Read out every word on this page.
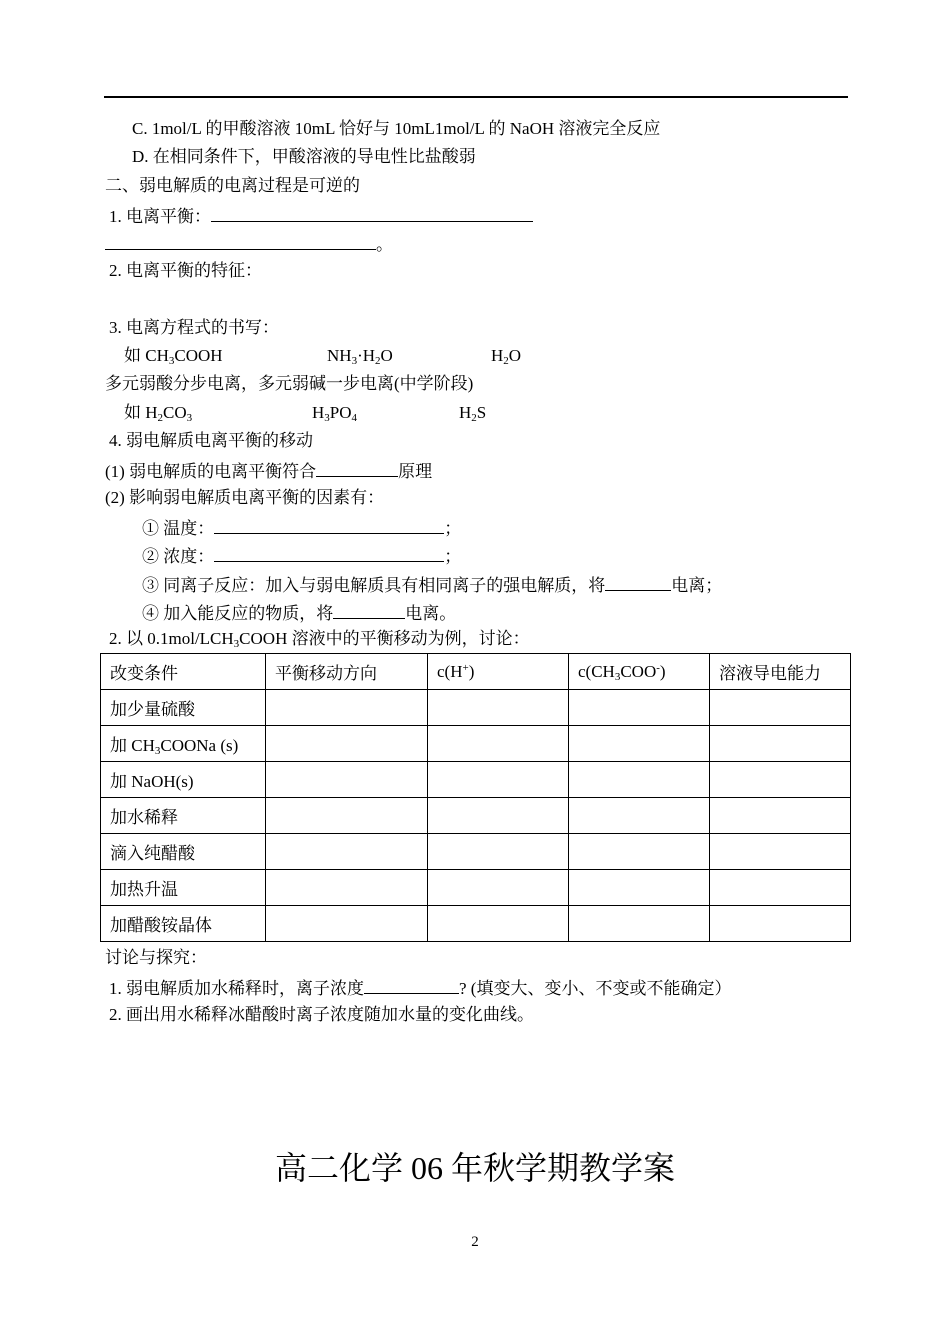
C. 1mol/L 的甲酸溶液 10mL 恰好与 10mL1mol/L 的 NaOH 溶液完全反应
D. 在相同条件下，甲酸溶液的导电性比盐酸弱
二、弱电解质的电离过程是可逆的
1. 电离平衡：
。
2. 电离平衡的特征：
3. 电离方程式的书写：
如 $CH_3COOH$	$NH_3\cdot H_2O$	$H_2O$
多元弱酸分步电离，多元弱碱一步电离(中学阶段)
如 $H_2CO_3$	$H_3PO_4$	$H_2S$
4. 弱电解质电离平衡的移动
(1) 弱电解质的电离平衡符合	原理
(2) 影响弱电解质电离平衡的因素有：
① 温度：	；
② 浓度：	；
③ 同离子反应：加入与弱电解质具有相同离子的强电解质，将	电离；
④ 加入能反应的物质，将	电离。
2. 以 $0.1mol/LCH_3COOH$ 溶液中的平衡移动为例，讨论：
改变条件	平衡移动方向	c(H+)	$c(CH_3COO^-)$	溶液导电能力
加少量硫酸				
加 $CH_3COONa$ (s)				
加 NaOH(s)				
加水稀释				
滴入纯醋酸				
加热升温				
加醋酸铵晶体				
讨论与探究：
1. 弱电解质加水稀释时，离子浓度	? (填变大、变小、不变或不能确定）
2. 画出用水稀释冰醋酸时离子浓度随加水量的变化曲线。
高二化学 06 年秋学期教学案
2
